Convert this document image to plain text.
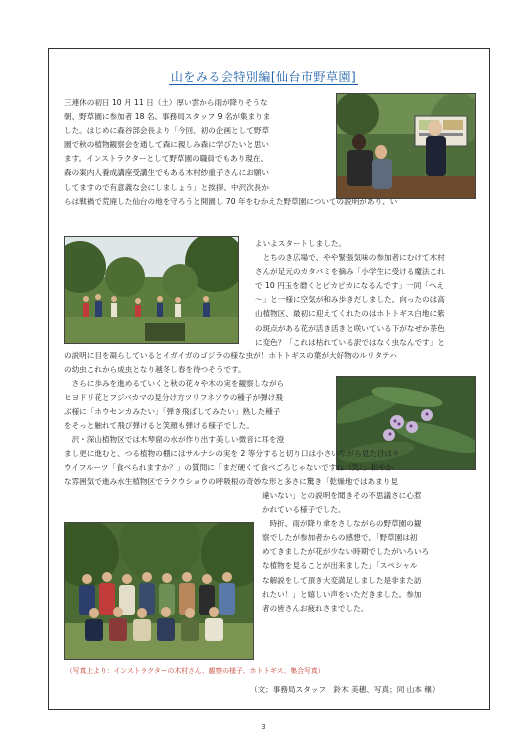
山をみる会特別編[仙台市野草園]
三連休の初日 10 月 11 日（土）厚い雲から雨が降りそうな
朝、野草園に参加者 18 名、事務局スタッフ 9 名が集まりま
した。はじめに森谷部会長より「今回、初の企画として野草
園で秋の植物観察会を通して森に親しみ森に学びたいと思い
ます。インストラクターとして野草園の職員でもあり現在、
森の案内人養成講座受講生でもある木村紗重子さんにお願い
してますので有意義な会にしましょう」と挨拶。中沢次長か
らは戦禍で荒廃した仙台の地を守ろうと開園し 70 年をむかえた野草園についての説明があり、い
よいよスタートしました。
　とちのき広場で、やや緊張気味の参加者にむけて木村
さんが足元のカタバミを摘み「小学生に受ける魔法これ
で 10 円玉を磨くとピカピカになるんです」一同「へえ
～」と一様に空気が和み歩きだしました。向ったのは高
山植物区、最初に迎えてくれたのはホトトギス白地に紫
の斑点がある花が活き活きと咲いている下がなぜか茶色
に変色？「これは枯れている訳ではなく虫なんです」と
の説明に目を凝らしているとイガイガのゴジラの様な虫が！ホトトギスの葉が大好物のルリタテハ
の幼虫これから成虫となり越冬し春を待つそうです。
　さらに歩みを進めるていくと秋の花々や木の実を観察しながら
ヒヨドリ花とフジバカマの見分け方ツリフネソウの種子が弾け飛
ぶ様に「ホウセンカみたい」「弾き飛ばしてみたい」熟した種子
をそっと触れて飛び弾けると笑顔も弾ける様子でした。
　沢・深山植物区では木琴窟の水が作り出す美しい微音に耳を澄
まし更に進むと、つる植物の棚にはサルナシの実を 2 等分すると切り口は小さいながら見た目はキ
ウイフルーツ「食べられますか？」の質問に「まだ硬くて食べごろじゃないですね（笑）」和やか
な雰囲気で進み水生植物区でラクウショウの呼吸根の奇妙な形と多さに驚き「乾燥地ではあまり見
違いない」との説明を聞きその不思議さに心惹
かれている様子でした。
　時折、雨が降り傘をさしながらの野草園の観
察でしたが参加者からの感想で、「野草園は初
めてきましたが花が少ない時期でしたがいろいろ
な植物を見ることが出来ました」「スペシャル
な解説をして頂き大変満足しました是非また訪
れたい！」と嬉しい声をいただきました。参加
者の皆さんお疲れさまでした。
（写真上より：インストラクターの木村さん、観察の様子、ホトトギス、集合写真）
（文；事務局スタッフ　鈴木 美穂、写真；同 山本 穣）
3
